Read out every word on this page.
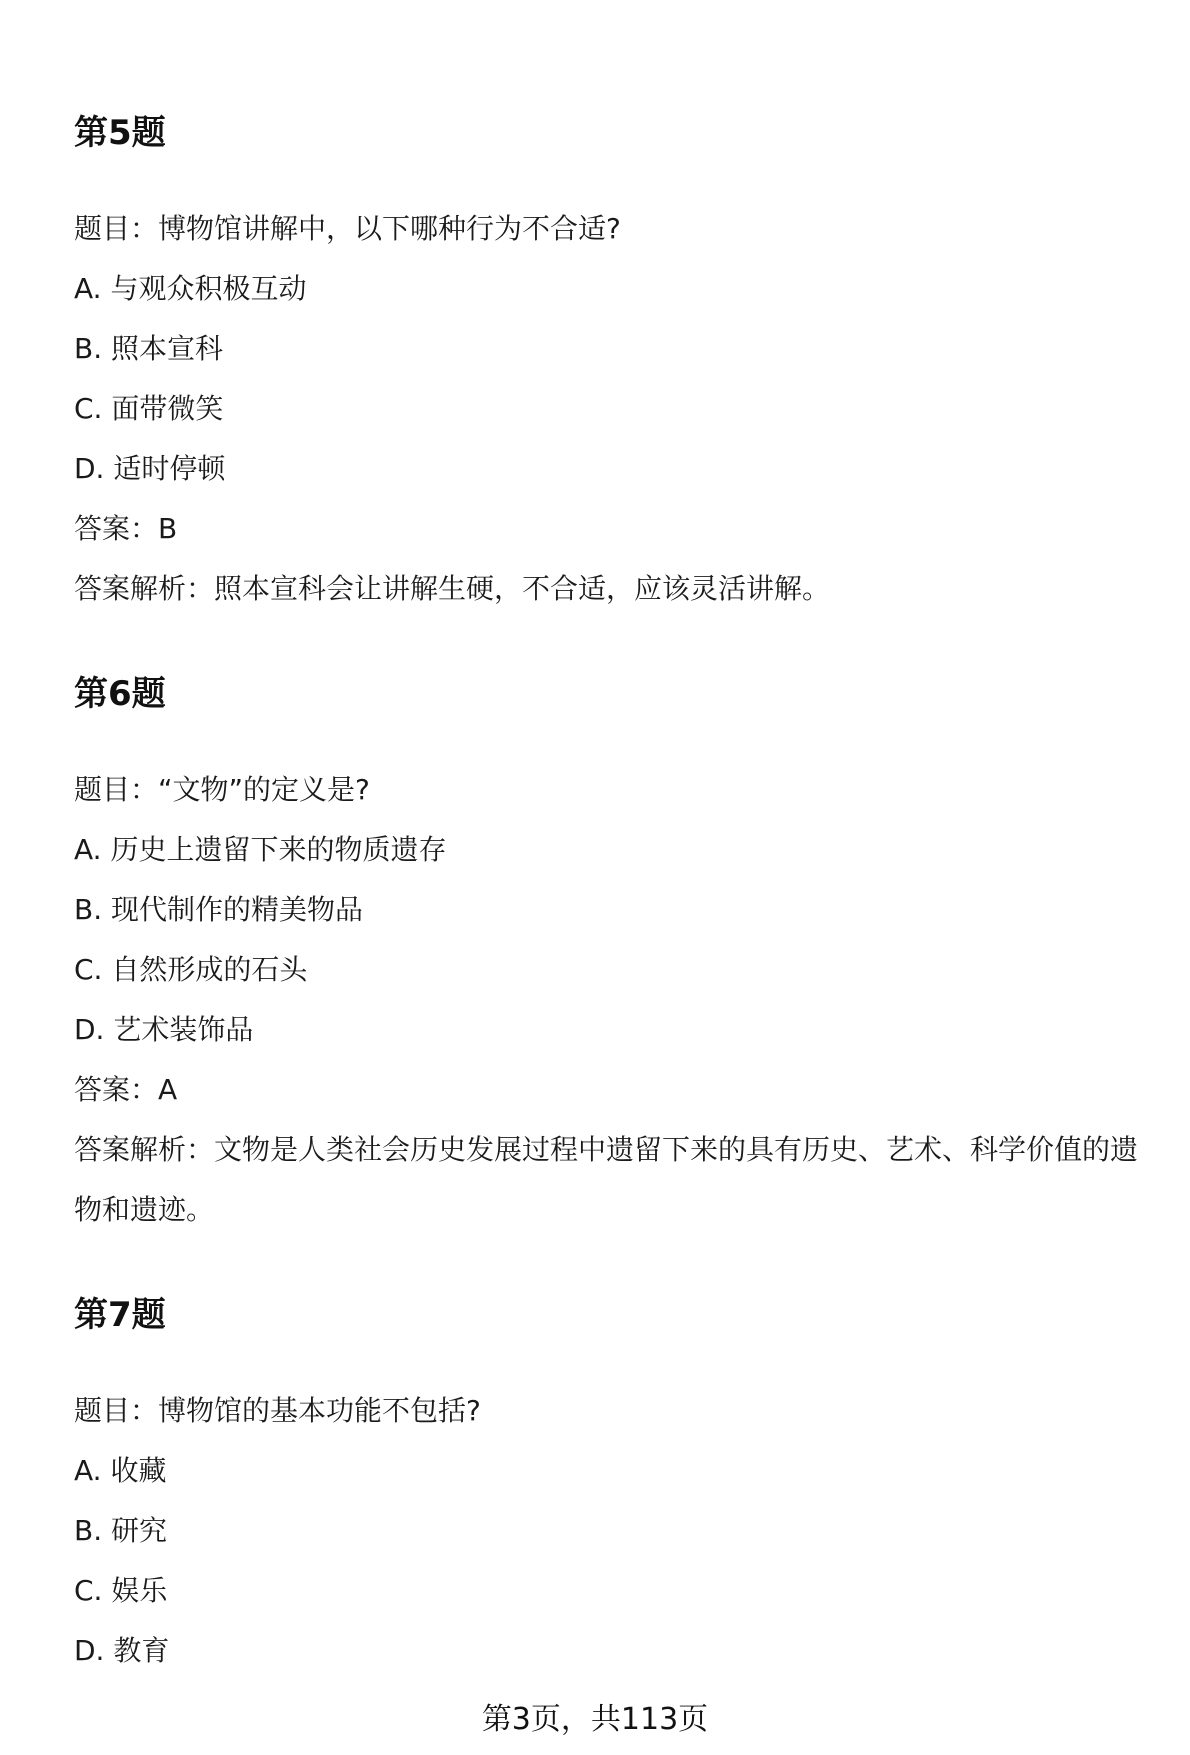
第5题
题目：博物馆讲解中，以下哪种行为不合适?
A. 与观众积极互动
B. 照本宣科
C. 面带微笑
D. 适时停顿
答案：B
答案解析：照本宣科会让讲解生硬，不合适，应该灵活讲解。
第6题
题目：“文物”的定义是?
A. 历史上遗留下来的物质遗存
B. 现代制作的精美物品
C. 自然形成的石头
D. 艺术装饰品
答案：A
答案解析：文物是人类社会历史发展过程中遗留下来的具有历史、艺术、科学价值的遗物和遗迹。
第7题
题目：博物馆的基本功能不包括?
A. 收藏
B. 研究
C. 娱乐
D. 教育
第3页，共113页
